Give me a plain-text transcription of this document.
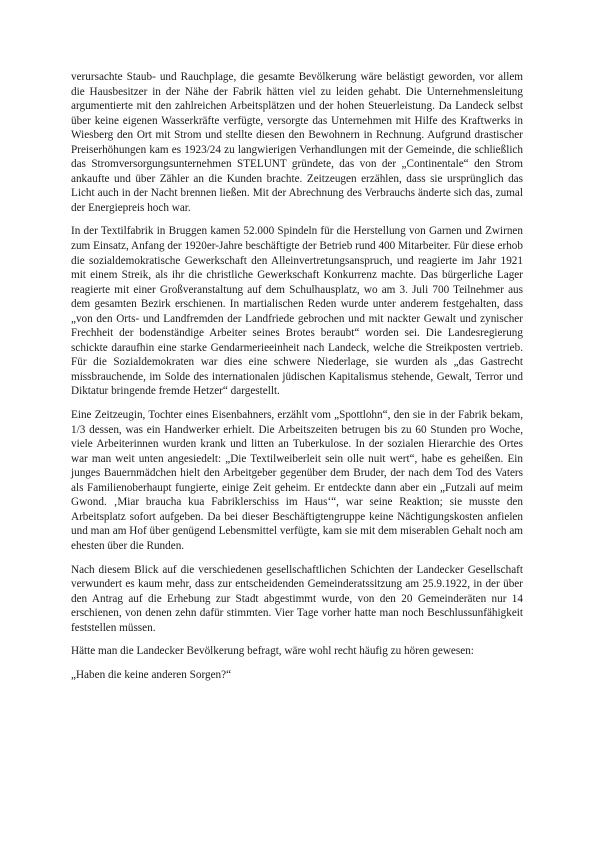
verursachte Staub- und Rauchplage, die gesamte Bevölkerung wäre belästigt geworden, vor allem die Hausbesitzer in der Nähe der Fabrik hätten viel zu leiden gehabt. Die Unternehmensleitung argumentierte mit den zahlreichen Arbeitsplätzen und der hohen Steuerleistung. Da Landeck selbst über keine eigenen Wasserkräfte verfügte, versorgte das Unternehmen mit Hilfe des Kraftwerks in Wiesberg den Ort mit Strom und stellte diesen den Bewohnern in Rechnung. Aufgrund drastischer Preiserhöhungen kam es 1923/24 zu langwierigen Verhandlungen mit der Gemeinde, die schließlich das Stromversorgungsunternehmen STELUNT gründete, das von der „Continentale“ den Strom ankaufte und über Zähler an die Kunden brachte. Zeitzeugen erzählen, dass sie ursprünglich das Licht auch in der Nacht brennen ließen. Mit der Abrechnung des Verbrauchs änderte sich das, zumal der Energiepreis hoch war.

In der Textilfabrik in Bruggen kamen 52.000 Spindeln für die Herstellung von Garnen und Zwirnen zum Einsatz, Anfang der 1920er-Jahre beschäftigte der Betrieb rund 400 Mitarbeiter. Für diese erhob die sozialdemokratische Gewerkschaft den Alleinvertretungsanspruch, und reagierte im Jahr 1921 mit einem Streik, als ihr die christliche Gewerkschaft Konkurrenz machte. Das bürgerliche Lager reagierte mit einer Großveranstaltung auf dem Schulhausplatz, wo am 3. Juli 700 Teilnehmer aus dem gesamten Bezirk erschienen. In martialischen Reden wurde unter anderem festgehalten, dass „von den Orts- und Landfremden der Landfriede gebrochen und mit nackter Gewalt und zynischer Frechheit der bodenständige Arbeiter seines Brotes beraubt“ worden sei. Die Landesregierung schickte daraufhin eine starke Gendarmerieeinheit nach Landeck, welche die Streikposten vertrieb. Für die Sozialdemokraten war dies eine schwere Niederlage, sie wurden als „das Gastrecht missbrauchende, im Solde des internationalen jüdischen Kapitalismus stehende, Gewalt, Terror und Diktatur bringende fremde Hetzer“ dargestellt.

Eine Zeitzeugin, Tochter eines Eisenbahners, erzählt vom „Spottlohn“, den sie in der Fabrik bekam, 1/3 dessen, was ein Handwerker erhielt. Die Arbeitszeiten betrugen bis zu 60 Stunden pro Woche, viele Arbeiterinnen wurden krank und litten an Tuberkulose. In der sozialen Hierarchie des Ortes war man weit unten angesiedelt: „Die Textilweiberleit sein olle nuit wert“, habe es geheißen. Ein junges Bauernmädchen hielt den Arbeitgeber gegenüber dem Bruder, der nach dem Tod des Vaters als Familienoberhaupt fungierte, einige Zeit geheim. Er entdeckte dann aber ein „Futzali auf meim Gwond. ‚Miar braucha kua Fabriklerschiss im Haus‘“, war seine Reaktion; sie musste den Arbeitsplatz sofort aufgeben. Da bei dieser Beschäftigtengruppe keine Nächtigungskosten anfielen und man am Hof über genügend Lebensmittel verfügte, kam sie mit dem miserablen Gehalt noch am ehesten über die Runden.

Nach diesem Blick auf die verschiedenen gesellschaftlichen Schichten der Landecker Gesellschaft verwundert es kaum mehr, dass zur entscheidenden Gemeinderatssitzung am 25.9.1922, in der über den Antrag auf die Erhebung zur Stadt abgestimmt wurde, von den 20 Gemeinderäten nur 14 erschienen, von denen zehn dafür stimmten. Vier Tage vorher hatte man noch Beschlussunfähigkeit feststellen müssen.

Hätte man die Landecker Bevölkerung befragt, wäre wohl recht häufig zu hören gewesen:

„Haben die keine anderen Sorgen?“
